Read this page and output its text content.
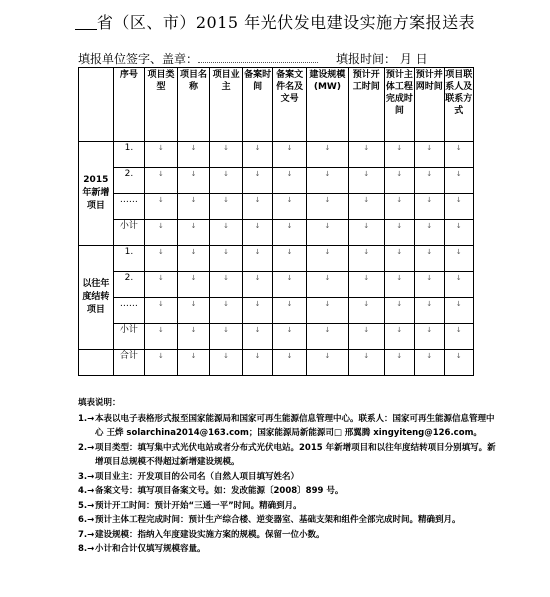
省（区、市）2015 年光伏发电建设实施方案报送表
填报单位签字、盖章：	填报时间： 月 日
	序号	项目类型	项目名称	项目业主	备案时间	备案文件名及文号	建设规模(MW)	预计开工时间	预计主体工程完成时间	预计并网时间	项目联系人及联系方式
2015年新增项目	1.	↓	↓	↓	↓	↓	↓	↓	↓	↓	↓
	2.	↓	↓	↓	↓	↓	↓	↓	↓	↓	↓
	……	↓	↓	↓	↓	↓	↓	↓	↓	↓	↓
	小计	↓	↓	↓	↓	↓	↓	↓	↓	↓	↓
以往年度结转项目	1.	↓	↓	↓	↓	↓	↓	↓	↓	↓	↓
	2.	↓	↓	↓	↓	↓	↓	↓	↓	↓	↓
	……	↓	↓	↓	↓	↓	↓	↓	↓	↓	↓
	小计	↓	↓	↓	↓	↓	↓	↓	↓	↓	↓
	合计	↓	↓	↓	↓	↓	↓	↓	↓	↓	↓
填表说明：
1.→ 本表以电子表格形式报至国家能源局和国家可再生能源信息管理中心。联系人：国家可再生能源信息管理中心 王烨 solarchina2014@163.com；国家能源局新能源司□ 邢翼腾 xingyiteng@126.com。
2.→ 项目类型：填写集中式光伏电站或者分布式光伏电站。2015 年新增项目和以往年度结转项目分别填写。新增项目总规模不得超过新增建设规模。
3.→ 项目业主：开发项目的公司名（自然人项目填写姓名）
4.→ 备案文号：填写项目备案文号。如：发改能源〔2008〕899 号。
5.→ 预计开工时间：预计开始“三通一平”时间。精确到月。
6.→ 预计主体工程完成时间：预计生产综合楼、逆变器室、基础支架和组件全部完成时间。精确到月。
7.→ 建设规模：指纳入年度建设实施方案的规模。保留一位小数。
8.→ 小计和合计仅填写规模容量。
